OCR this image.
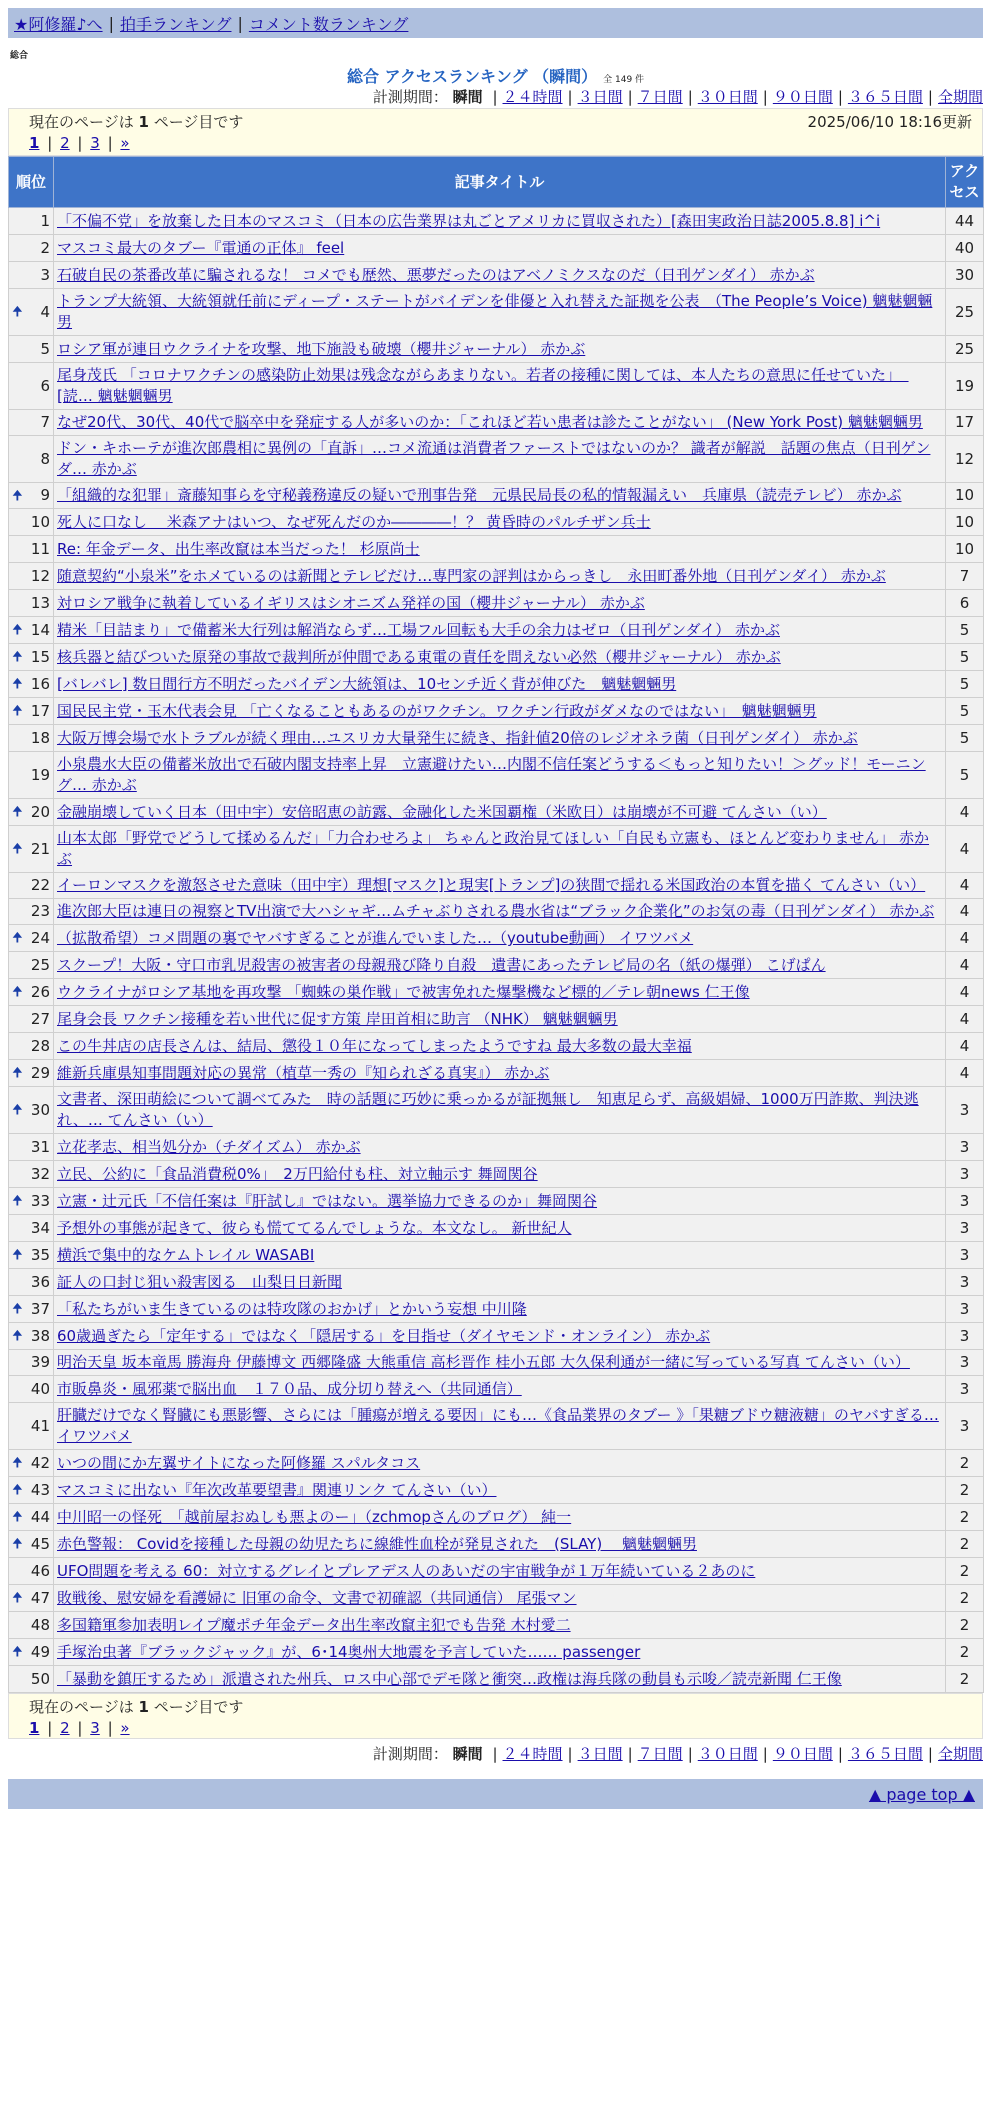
★阿修羅♪へ | 拍手ランキング | コメント数ランキング
総合
総合 アクセスランキング （瞬間） 全 149 件
計測期間： 瞬間 | ２４時間 | ３日間 | ７日間 | ３０日間 | ９０日間 | ３６５日間 | 全期間
現在のページは 1 ページ目です	2025/06/10 18:16更新
1 | 2 | 3 | »
順位	記事タイトル	アクセス
1	「不偏不党」を放棄した日本のマスコミ（日本の広告業界は丸ごとアメリカに買収された）[森田実政治日誌2005.8.8] i^i	44
2	マスコミ最大のタブー『電通の正体』 feel	40
3	石破自民の茶番改革に騙されるな！ コメでも歴然、悪夢だったのはアベノミクスなのだ（日刊ゲンダイ） 赤かぶ	30

🠉 4	トランプ大統領、大統領就任前にディープ・ステートがバイデンを俳優と入れ替えた証拠を公表　（The People’s Voice) 魑魅魍魎男	25
5	ロシア軍が連日ウクライナを攻撃、地下施設も破壊（櫻井ジャーナル） 赤かぶ	25
6	尾身茂氏 「コロナワクチンの感染防止効果は残念ながらあまりない。若者の接種に関しては、本人たちの意思に任せていた」　[読… 魑魅魍魎男	19
7	なぜ20代、30代、40代で脳卒中を発症する人が多いのか：「これほど若い患者は診たことがない」 (New York Post) 魑魅魍魎男	17
8	ドン・キホーテが進次郎農相に異例の「直訴」…コメ流通は消費者ファーストではないのか？ 識者が解説　話題の焦点（日刊ゲンダ… 赤かぶ	12

🠉 9	「組織的な犯罪」斎藤知事らを守秘義務違反の疑いで刑事告発　元県民局長の私的情報漏えい　兵庫県（読売テレビ） 赤かぶ	10
10	死人に口なし　 米森アナはいつ、なぜ死んだのか――――！？ 黄昏時のパルチザン兵士	10
11	Re: 年金データ、出生率改竄は本当だった！ 杉原尚士	10
12	随意契約“小泉米”をホメているのは新聞とテレビだけ…専門家の評判はからっきし　永田町番外地（日刊ゲンダイ） 赤かぶ	7
13	対ロシア戦争に執着しているイギリスはシオニズム発祥の国（櫻井ジャーナル） 赤かぶ	6

🠉 14	精米「目詰まり」で備蓄米大行列は解消ならず…工場フル回転も大手の余力はゼロ（日刊ゲンダイ） 赤かぶ	5

🠉 15	核兵器と結びついた原発の事故で裁判所が仲間である東電の責任を問えない必然（櫻井ジャーナル） 赤かぶ	5

🠉 16	[バレバレ] 数日間行方不明だったバイデン大統領は、10センチ近く背が伸びた　魑魅魍魎男	5

🠉 17	国民民主党・玉木代表会見 「亡くなることもあるのがワクチン。ワクチン行政がダメなのではない」　魑魅魍魎男	5
18	大阪万博会場で水トラブルが続く理由…ユスリカ大量発生に続き、指針値20倍のレジオネラ菌（日刊ゲンダイ） 赤かぶ	5
19	小泉農水大臣の備蓄米放出で石破内閣支持率上昇　立憲避けたい…内閣不信任案どうする＜もっと知りたい！＞グッド！モーニング… 赤かぶ	5

🠉 20	金融崩壊していく日本（田中宇）安倍昭恵の訪露、金融化した米国覇権（米欧日）は崩壊が不可避 てんさい（い）	4

🠉 21	山本太郎「野党でどうして揉めるんだ」「力合わせろよ」 ちゃんと政治見てほしい「自民も立憲も、ほとんど変わりません」 赤かぶ	4
22	イーロンマスクを激怒させた意味（田中宇）理想[マスク]と現実[トランプ]の狭間で揺れる米国政治の本質を描く てんさい（い）	4
23	進次郎大臣は連日の視察とTV出演で大ハシャギ…ムチャぶりされる農水省は“ブラック企業化”のお気の毒（日刊ゲンダイ） 赤かぶ	4

🠉 24	（拡散希望）コメ問題の裏でヤバすぎることが進んでいました…（youtube動画） イワツバメ	4
25	スクープ！大阪・守口市乳児殺害の被害者の母親飛び降り自殺　遺書にあったテレビ局の名（紙の爆弾） こげぱん	4

🠉 26	ウクライナがロシア基地を再攻撃 「蜘蛛の巣作戦」で被害免れた爆撃機など標的／テレ朝news 仁王像	4
27	尾身会長 ワクチン接種を若い世代に促す方策 岸田首相に助言 （NHK） 魑魅魍魎男	4
28	この牛丼店の店長さんは、結局、懲役１０年になってしまったようですね 最大多数の最大幸福	4

🠉 29	維新兵庫県知事問題対応の異常（植草一秀の『知られざる真実』） 赤かぶ	4

🠉 30	文書者、深田萌絵について調べてみた　時の話題に巧妙に乗っかるが証拠無し　知恵足らず、高級娼婦、1000万円詐欺、判決逃れ、… てんさい（い）	3
31	立花孝志、相当処分か（チダイズム） 赤かぶ	3
32	立民、公約に「食品消費税0%」　2万円給付も柱、対立軸示す 舞岡関谷	3

🠉 33	立憲・辻元氏「不信任案は『肝試し』ではない。選挙協力できるのか」舞岡関谷	3
34	予想外の事態が起きて、彼らも慌ててるんでしょうな。本文なし。 新世紀人	3

🠉 35	横浜で集中的なケムトレイル WASABI	3
36	証人の口封じ狙い殺害図る　山梨日日新聞	3

🠉 37	「私たちがいま生きているのは特攻隊のおかげ」とかいう妄想 中川隆	3

🠉 38	60歳過ぎたら「定年する」ではなく「隠居する」を目指せ（ダイヤモンド・オンライン） 赤かぶ	3
39	明治天皇 坂本竜馬 勝海舟 伊藤博文 西郷隆盛 大熊重信 高杉晋作 桂小五郎 大久保利通が一緒に写っている写真 てんさい（い）	3
40	市販鼻炎・風邪薬で脳出血　１７０品、成分切り替えへ（共同通信）	3
41	肝臓だけでなく腎臓にも悪影響、さらには「腫瘍が増える要因」にも…《食品業界のタブー 》「果糖ブドウ糖液糖」のヤバすぎる… イワツバメ	3

🠉 42	いつの間にか左翼サイトになった阿修羅 スパルタコス	2

🠉 43	マスコミに出ない『年次改革要望書』関連リンク てんさい（い）	2

🠉 44	中川昭一の怪死　「越前屋おぬしも悪よのー」（zchmopさんのブログ） 純一	2

🠉 45	赤色警報： Covidを接種した母親の幼児たちに線維性血栓が発見された　(SLAY)　 魑魅魍魎男	2
46	UFO問題を考える 60：対立するグレイとプレアデス人のあいだの宇宙戦争が１万年続いている２あのに	2

🠉 47	敗戦後、慰安婦を看護婦に 旧軍の命令、文書で初確認（共同通信） 尾張マン	2
48	多国籍軍参加表明レイプ魔ポチ年金データ出生率改竄主犯でも告発 木村愛二	2

🠉 49	手塚治虫著『ブラックジャック』が、6･14奥州大地震を予言していた…… passenger	2
50	「暴動を鎮圧するため」派遣された州兵、ロス中心部でデモ隊と衝突…政権は海兵隊の動員も示唆／読売新聞 仁王像	2
現在のページは 1 ページ目です
1 | 2 | 3 | »
計測期間： 瞬間 | ２４時間 | ３日間 | ７日間 | ３０日間 | ９０日間 | ３６５日間 | 全期間
▲ page top ▲
